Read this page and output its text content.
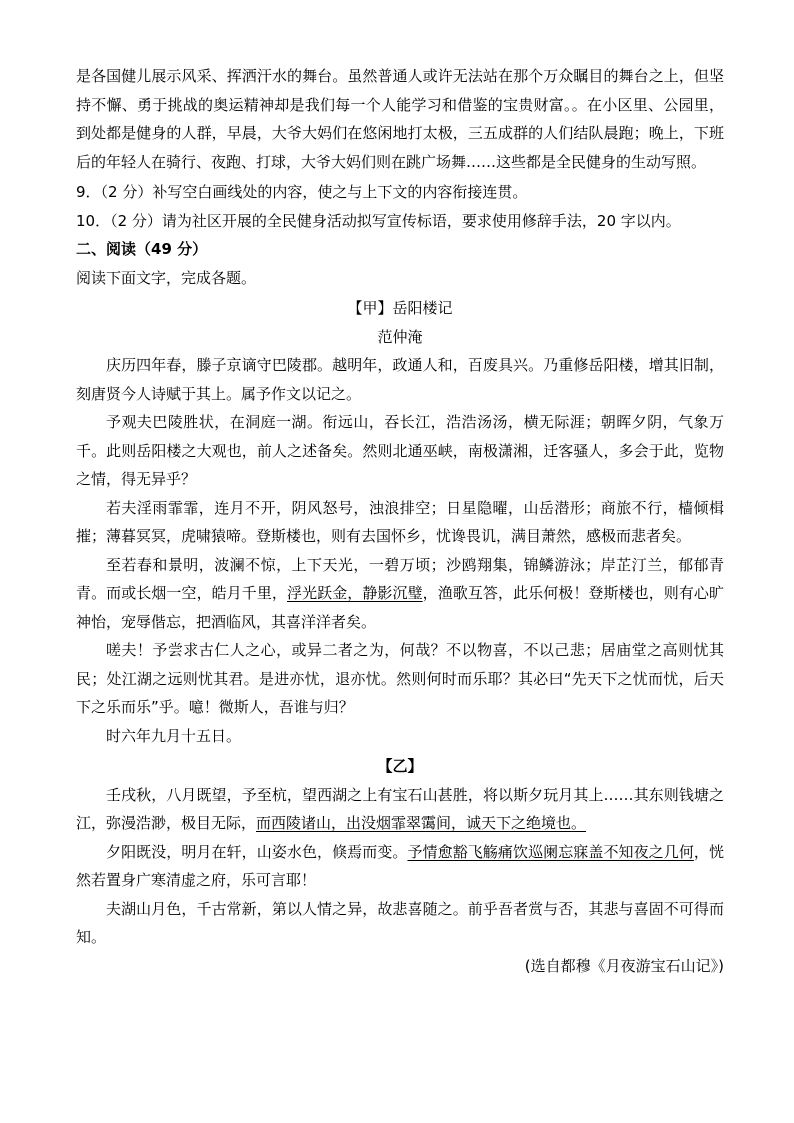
是各国健儿展示风采、挥洒汗水的舞台。虽然普通人或许无法站在那个万众瞩目的舞台之上，但坚持不懈、勇于挑战的奥运精神却是我们每一个人能学习和借鉴的宝贵财富。。在小区里、公园里，到处都是健身的人群，早晨，大爷大妈们在悠闲地打太极，三五成群的人们结队晨跑；晚上，下班后的年轻人在骑行、夜跑、打球，大爷大妈们则在跳广场舞……这些都是全民健身的生动写照。

9．（2 分）补写空白画线处的内容，使之与上下文的内容衔接连贯。

10．（2 分）请为社区开展的全民健身活动拟写宣传标语，要求使用修辞手法，20 字以内。

二、阅读（49 分）

阅读下面文字，完成各题。

【甲】岳阳楼记

范仲淹

庆历四年春，滕子京谪守巴陵郡。越明年，政通人和，百废具兴。乃重修岳阳楼，增其旧制，刻唐贤今人诗赋于其上。属予作文以记之。

予观夫巴陵胜状，在洞庭一湖。衔远山，吞长江，浩浩汤汤，横无际涯；朝晖夕阴，气象万千。此则岳阳楼之大观也，前人之述备矣。然则北通巫峡，南极潇湘，迁客骚人，多会于此，览物之情，得无异乎？

若夫淫雨霏霏，连月不开，阴风怒号，浊浪排空；日星隐曜，山岳潜形；商旅不行，樯倾楫摧；薄暮冥冥，虎啸猿啼。登斯楼也，则有去国怀乡，忧谗畏讥，满目萧然，感极而悲者矣。

至若春和景明，波澜不惊，上下天光，一碧万顷；沙鸥翔集，锦鳞游泳；岸芷汀兰，郁郁青青。而或长烟一空，皓月千里，浮光跃金，静影沉璧，渔歌互答，此乐何极！登斯楼也，则有心旷神怡，宠辱偕忘，把酒临风，其喜洋洋者矣。

嗟夫！予尝求古仁人之心，或异二者之为，何哉？不以物喜，不以己悲；居庙堂之高则忧其民；处江湖之远则忧其君。是进亦忧，退亦忧。然则何时而乐耶？其必曰“先天下之忧而忧，后天下之乐而乐”乎。噫！微斯人，吾谁与归？

时六年九月十五日。

【乙】

壬戌秋，八月既望，予至杭，望西湖之上有宝石山甚胜，将以斯夕玩月其上……其东则钱塘之江，弥漫浩渺，极目无际，而西陵诸山，出没烟霏翠霭间，诚天下之绝境也。

夕阳既没，明月在轩，山姿水色，倏焉而变。予情愈豁飞觞痛饮巡阑忘寐盖不知夜之几何，恍然若置身广寒清虚之府，乐可言耶！

夫湖山月色，千古常新，第以人情之异，故悲喜随之。前乎吾者赏与否，其悲与喜固不可得而知。

(选自都穆《月夜游宝石山记》)
